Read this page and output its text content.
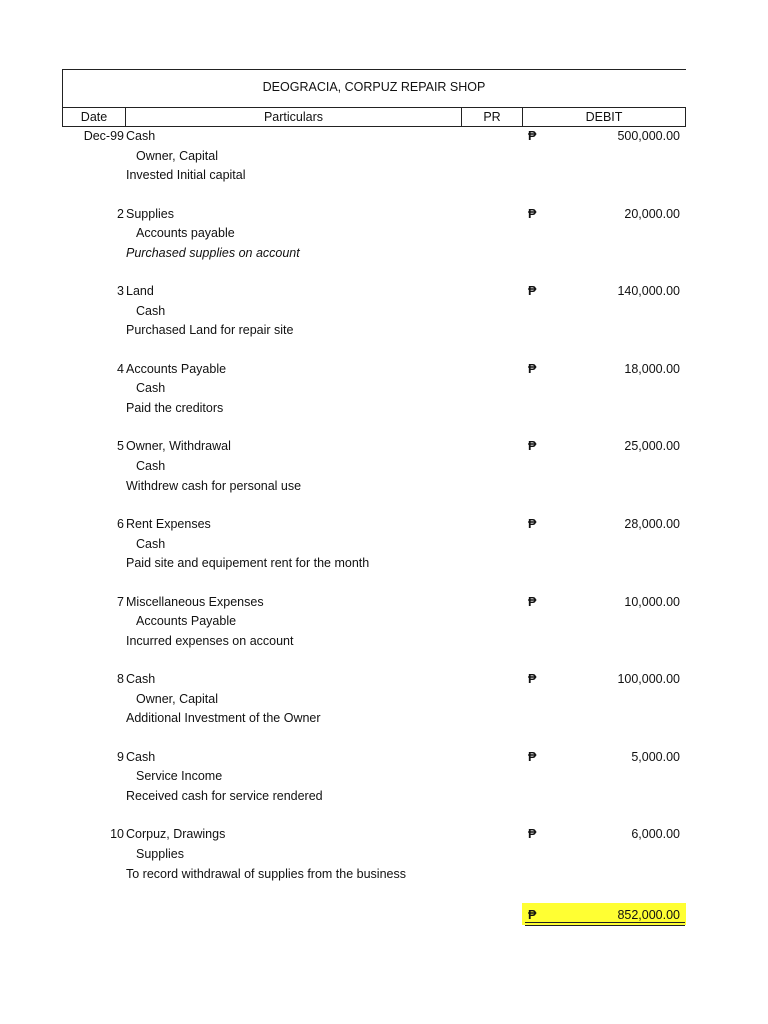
DEOGRACIA, CORPUZ REPAIR SHOP
Date	Particulars	PR	DEBIT
Dec-99 Cash	₱	500,000.00
Owner, Capital
Invested Initial capital
2 Supplies	₱	20,000.00
Accounts payable
Purchased supplies on account
3 Land	₱	140,000.00
Cash
Purchased Land for repair site
4 Accounts Payable	₱	18,000.00
Cash
Paid the creditors
5 Owner, Withdrawal	₱	25,000.00
Cash
Withdrew cash for personal use
6 Rent Expenses	₱	28,000.00
Cash
Paid site and equipement rent for the month
7 Miscellaneous Expenses	₱	10,000.00
Accounts Payable
Incurred expenses on account
8 Cash	₱	100,000.00
Owner, Capital
Additional Investment of the Owner
9 Cash	₱	5,000.00
Service Income
Received cash for service rendered
10 Corpuz, Drawings	₱	6,000.00
Supplies
To record withdrawal of supplies from the business
₱	852,000.00
